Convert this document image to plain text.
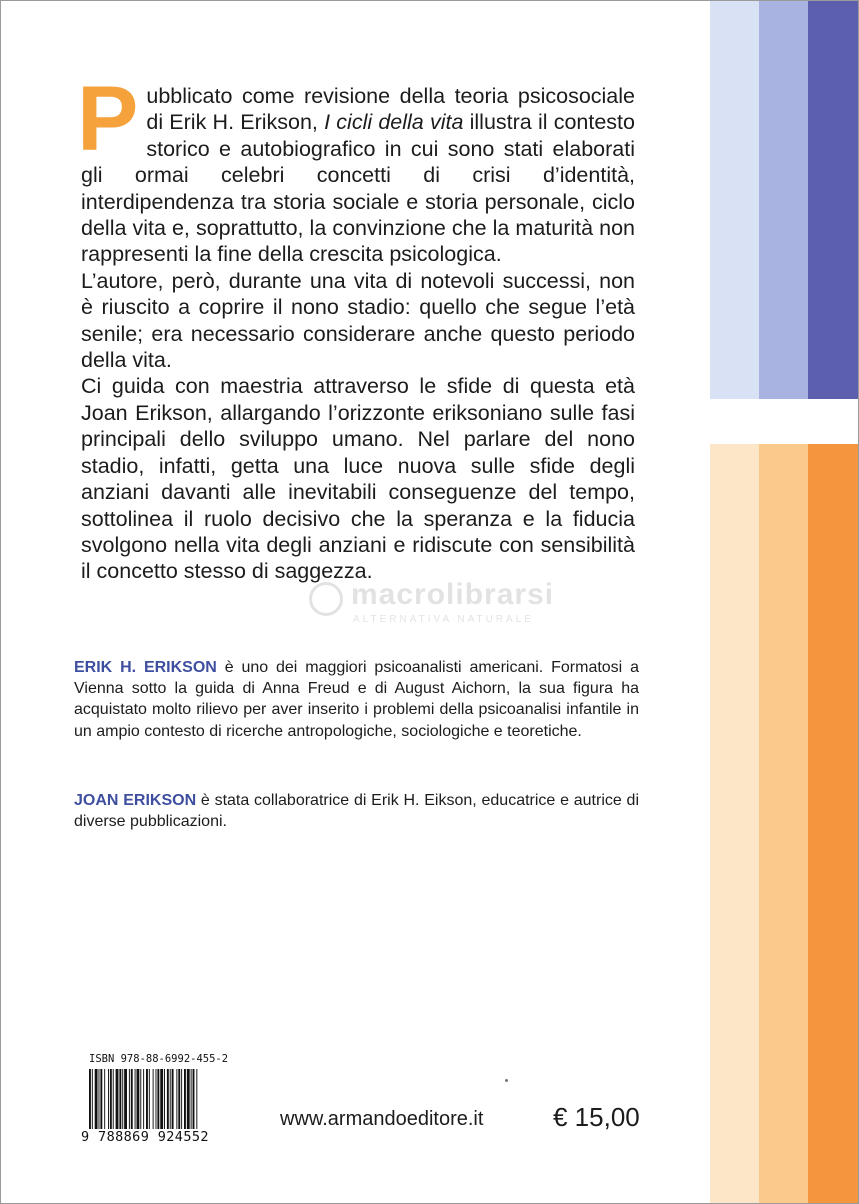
Pubblicato come revisione della teoria psicosociale di Erik H. Erikson, I cicli della vita illustra il contesto storico e autobiografico in cui sono stati elaborati gli ormai celebri concetti di crisi d’identità, interdipendenza tra storia sociale e storia personale, ciclo della vita e, soprattutto, la convinzione che la maturità non rappresenti la fine della crescita psicologica.

L’autore, però, durante una vita di notevoli successi, non è riuscito a coprire il nono stadio: quello che segue l’età senile; era necessario considerare anche questo periodo della vita.

Ci guida con maestria attraverso le sfide di questa età Joan Erikson, allargando l’orizzonte eriksoniano sulle fasi principali dello sviluppo umano. Nel parlare del nono stadio, infatti, getta una luce nuova sulle sfide degli anziani davanti alle inevitabili conseguenze del tempo, sottolinea il ruolo decisivo che la speranza e la fiducia svolgono nella vita degli anziani e ridiscute con sensibilità il concetto stesso di saggezza.

macrolibrarsi
ALTERNATIVA NATURALE

ERIK H. ERIKSON è uno dei maggiori psicoanalisti americani. Formatosi a Vienna sotto la guida di Anna Freud e di August Aichorn, la sua figura ha acquistato molto rilievo per aver inserito i problemi della psicoanalisi infantile in un ampio contesto di ricerche antropologiche, sociologiche e teoretiche.

JOAN ERIKSON è stata collaboratrice di Erik H. Eikson, educatrice e autrice di diverse pubblicazioni.

ISBN 978-88-6992-455-2
9 788869 924552
www.armandoeditore.it	€ 15,00
